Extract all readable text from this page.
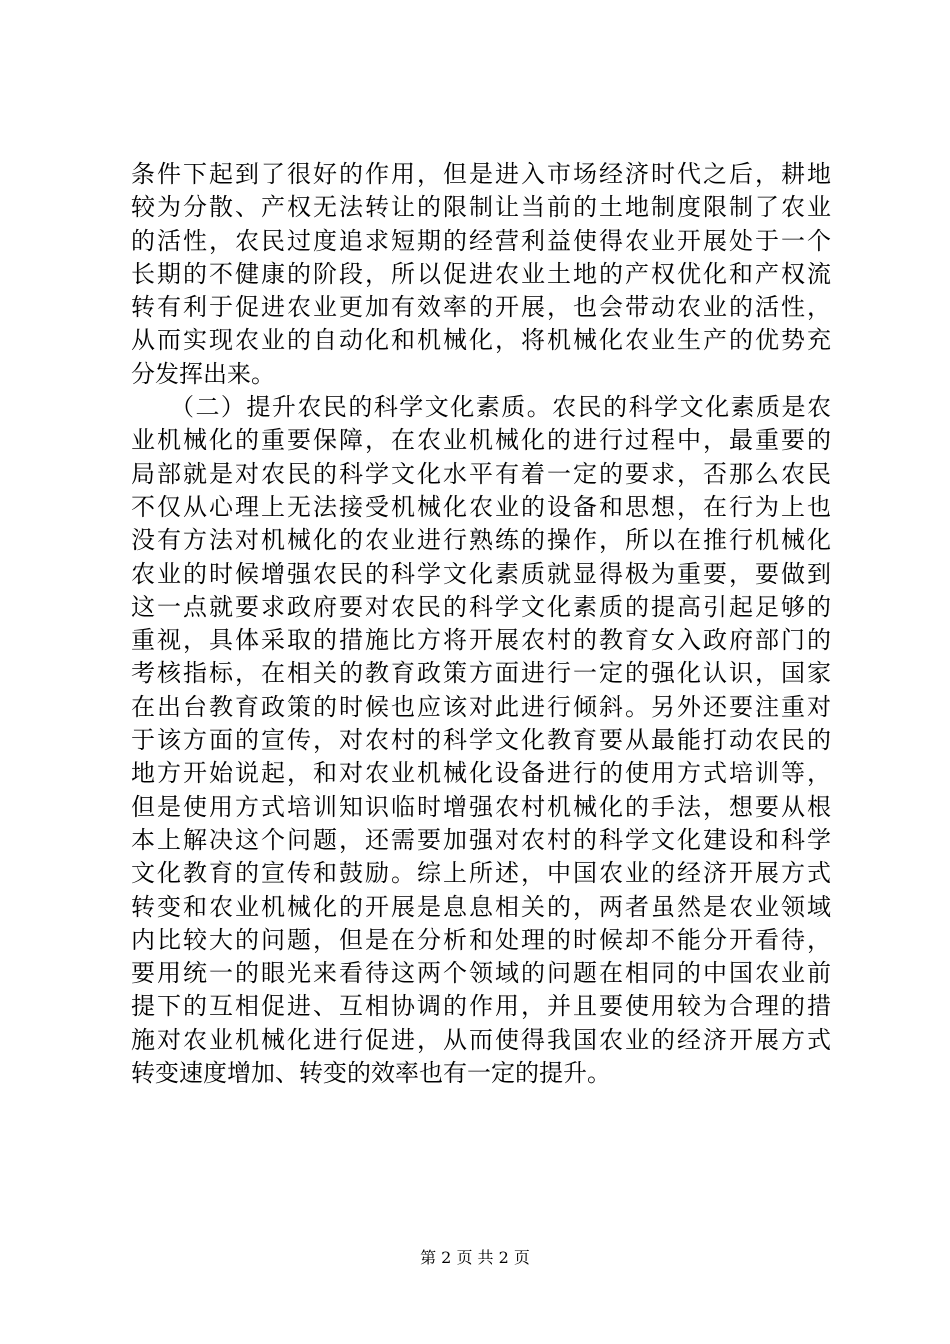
条件下起到了很好的作用，但是进入市场经济时代之后，耕地
较为分散、产权无法转让的限制让当前的土地制度限制了农业
的活性，农民过度追求短期的经营利益使得农业开展处于一个
长期的不健康的阶段，所以促进农业土地的产权优化和产权流
转有利于促进农业更加有效率的开展，也会带动农业的活性，
从而实现农业的自动化和机械化，将机械化农业生产的优势充
分发挥出来。
　　（二）提升农民的科学文化素质。农民的科学文化素质是农
业机械化的重要保障，在农业机械化的进行过程中，最重要的
局部就是对农民的科学文化水平有着一定的要求，否那么农民
不仅从心理上无法接受机械化农业的设备和思想，在行为上也
没有方法对机械化的农业进行熟练的操作，所以在推行机械化
农业的时候增强农民的科学文化素质就显得极为重要，要做到
这一点就要求政府要对农民的科学文化素质的提高引起足够的
重视，具体采取的措施比方将开展农村的教育女入政府部门的
考核指标，在相关的教育政策方面进行一定的强化认识，国家
在出台教育政策的时候也应该对此进行倾斜。另外还要注重对
于该方面的宣传，对农村的科学文化教育要从最能打动农民的
地方开始说起，和对农业机械化设备进行的使用方式培训等，
但是使用方式培训知识临时增强农村机械化的手法，想要从根
本上解决这个问题，还需要加强对农村的科学文化建设和科学
文化教育的宣传和鼓励。综上所述，中国农业的经济开展方式
转变和农业机械化的开展是息息相关的，两者虽然是农业领域
内比较大的问题，但是在分析和处理的时候却不能分开看待，
要用统一的眼光来看待这两个领域的问题在相同的中国农业前
提下的互相促进、互相协调的作用，并且要使用较为合理的措
施对农业机械化进行促进，从而使得我国农业的经济开展方式
转变速度增加、转变的效率也有一定的提升。
第 2 页 共 2 页
